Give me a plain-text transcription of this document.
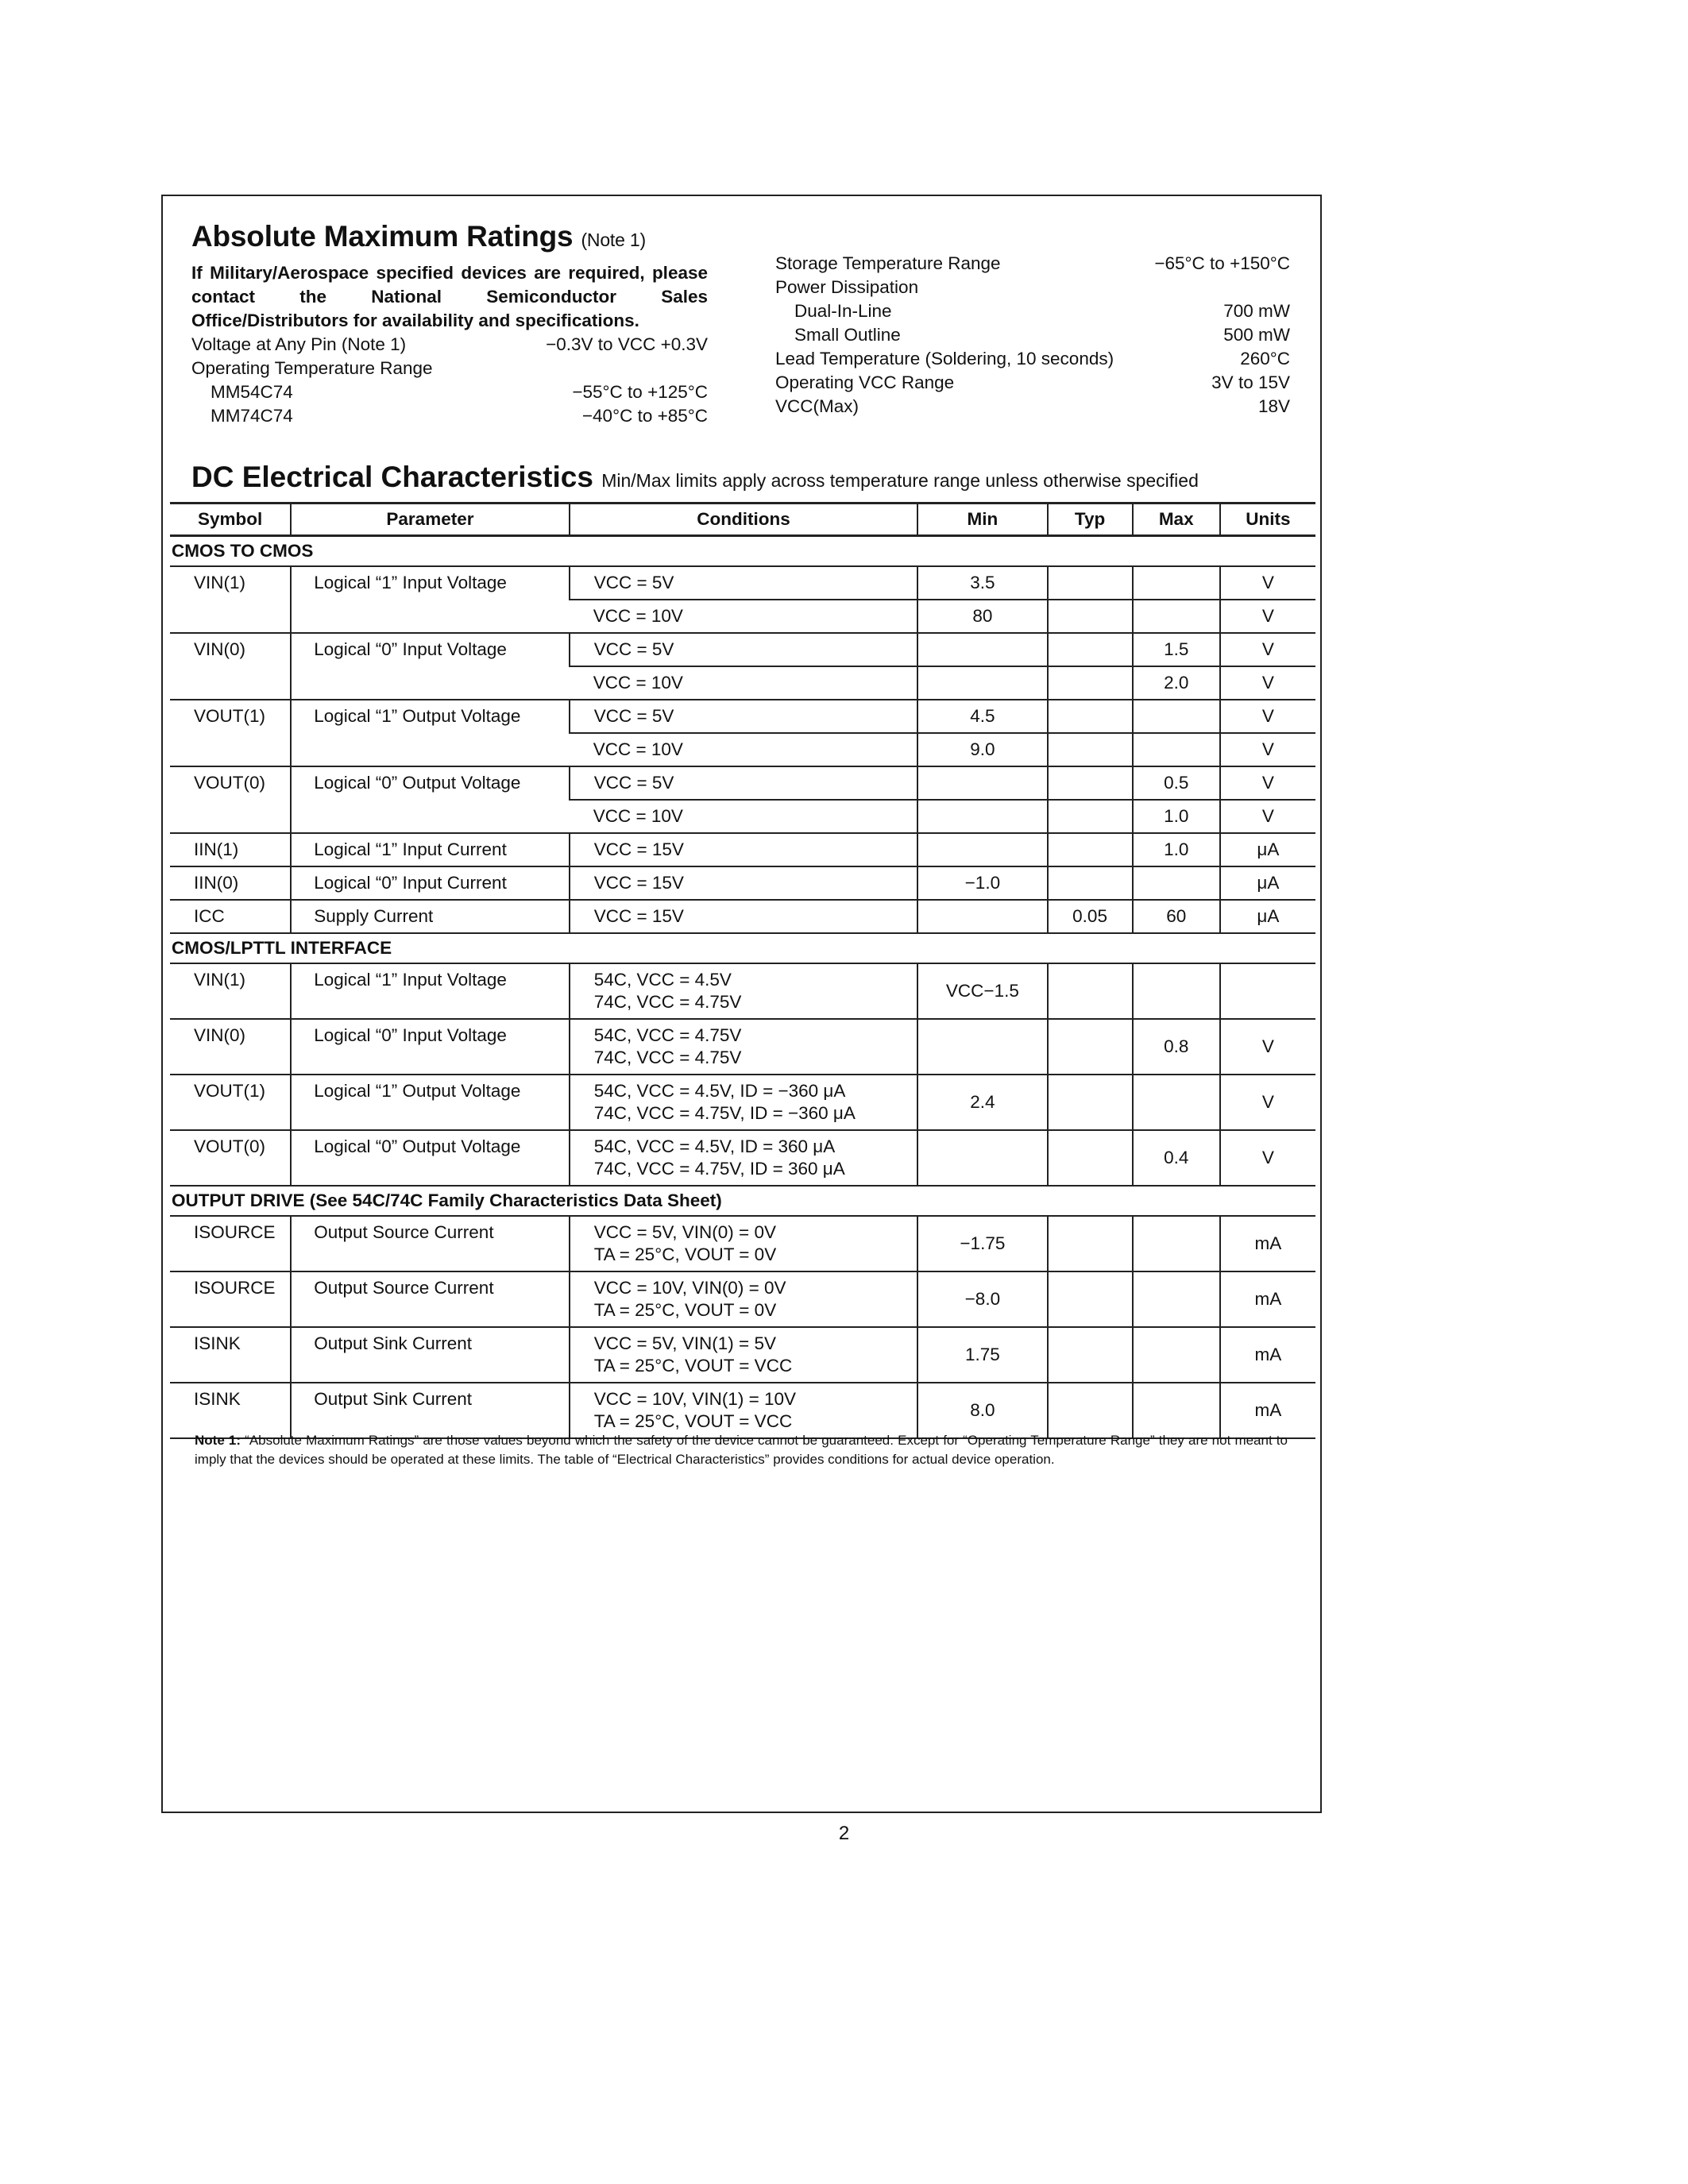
Absolute Maximum Ratings (Note 1)

If Military/Aerospace specified devices are required, please contact the National Semiconductor Sales Office/Distributors for availability and specifications.

Voltage at Any Pin (Note 1)	−0.3V to VCC +0.3V
Operating Temperature Range
MM54C74	−55°C to +125°C
MM74C74	−40°C to +85°C
Storage Temperature Range	−65°C to +150°C
Power Dissipation
Dual-In-Line	700 mW
Small Outline	500 mW
Lead Temperature (Soldering, 10 seconds)	260°C
Operating VCC Range	3V to 15V
VCC(Max)	18V
DC Electrical Characteristics Min/Max limits apply across temperature range unless otherwise specified
Symbol	Parameter	Conditions	Min	Typ	Max	Units
CMOS TO CMOS						
VIN(1)	Logical “1” Input Voltage	VCC = 5V	3.5			V
		VCC = 10V	80			V
VIN(0)	Logical “0” Input Voltage	VCC = 5V			1.5	V
		VCC = 10V			2.0	V
VOUT(1)	Logical “1” Output Voltage	VCC = 5V	4.5			V
		VCC = 10V	9.0			V
VOUT(0)	Logical “0” Output Voltage	VCC = 5V			0.5	V
		VCC = 10V			1.0	V
IIN(1)	Logical “1” Input Current	VCC = 15V			1.0	μA
IIN(0)	Logical “0” Input Current	VCC = 15V	−1.0			μA
ICC	Supply Current	VCC = 15V		0.05	60	μA
CMOS/LPTTL INTERFACE						
VIN(1)	Logical “1” Input Voltage	54C, VCC = 4.5V
74C, VCC = 4.75V	VCC−1.5			
VIN(0)	Logical “0” Input Voltage	54C, VCC = 4.75V
74C, VCC = 4.75V			0.8	V
VOUT(1)	Logical “1” Output Voltage	54C, VCC = 4.5V, ID = −360 μA
74C, VCC = 4.75V, ID = −360 μA	2.4			V
VOUT(0)	Logical “0” Output Voltage	54C, VCC = 4.5V, ID = 360 μA
74C, VCC = 4.75V, ID = 360 μA			0.4	V
OUTPUT DRIVE (See 54C/74C Family Characteristics Data Sheet)						
ISOURCE	Output Source Current	VCC = 5V, VIN(0) = 0V
TA = 25°C, VOUT = 0V	−1.75			mA
ISOURCE	Output Source Current	VCC = 10V, VIN(0) = 0V
TA = 25°C, VOUT = 0V	−8.0			mA
ISINK	Output Sink Current	VCC = 5V, VIN(1) = 5V
TA = 25°C, VOUT = VCC	1.75			mA
ISINK	Output Sink Current	VCC = 10V, VIN(1) = 10V
TA = 25°C, VOUT = VCC	8.0			mA
Note 1: “Absolute Maximum Ratings” are those values beyond which the safety of the device cannot be guaranteed. Except for “Operating Temperature Range” they are not meant to imply that the devices should be operated at these limits. The table of “Electrical Characteristics” provides conditions for actual device operation.
2
